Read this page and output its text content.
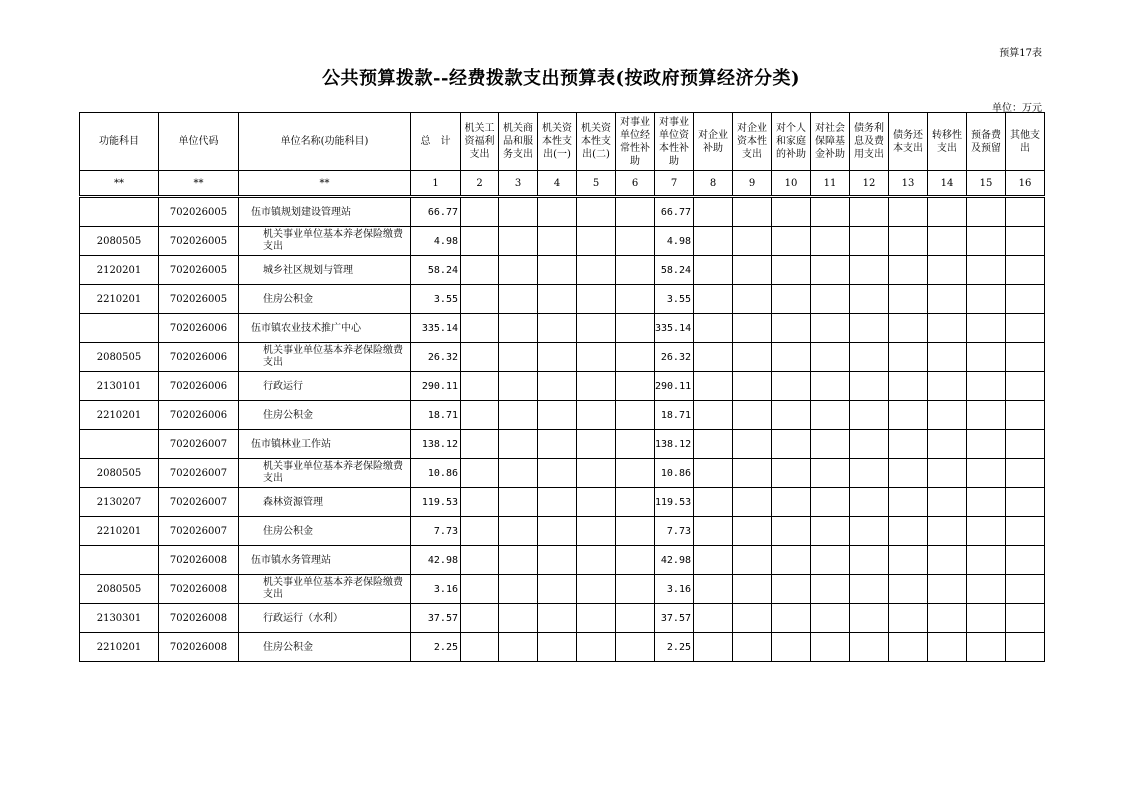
预算17表
公共预算拨款--经费拨款支出预算表(按政府预算经济分类)
单位：万元
功能科目	单位代码	单位名称(功能科目)	总　计	机关工资福利支出	机关商品和服务支出	机关资本性支出(一)	机关资本性支出(二)	对事业单位经常性补助	对事业单位资本性补助	对企业补助	对企业资本性支出	对个人和家庭的补助	对社会保障基金补助	债务利息及费用支出	债务还本支出	转移性支出	预备费及预留	其他支出
**	**	**	1	2	3	4	5	6	7	8	9	10	11	12	13	14	15	16

	702026005	伍市镇规划建设管理站	66.77						66.77									
2080505	702026005	机关事业单位基本养老保险缴费支出	4.98						4.98									
2120201	702026005	城乡社区规划与管理	58.24						58.24									
2210201	702026005	住房公积金	3.55						3.55									
	702026006	伍市镇农业技术推广中心	335.14						335.14									
2080505	702026006	机关事业单位基本养老保险缴费支出	26.32						26.32									
2130101	702026006	行政运行	290.11						290.11									
2210201	702026006	住房公积金	18.71						18.71									
	702026007	伍市镇林业工作站	138.12						138.12									
2080505	702026007	机关事业单位基本养老保险缴费支出	10.86						10.86									
2130207	702026007	森林资源管理	119.53						119.53									
2210201	702026007	住房公积金	7.73						7.73									
	702026008	伍市镇水务管理站	42.98						42.98									
2080505	702026008	机关事业单位基本养老保险缴费支出	3.16						3.16									
2130301	702026008	行政运行（水利）	37.57						37.57									
2210201	702026008	住房公积金	2.25						2.25									
